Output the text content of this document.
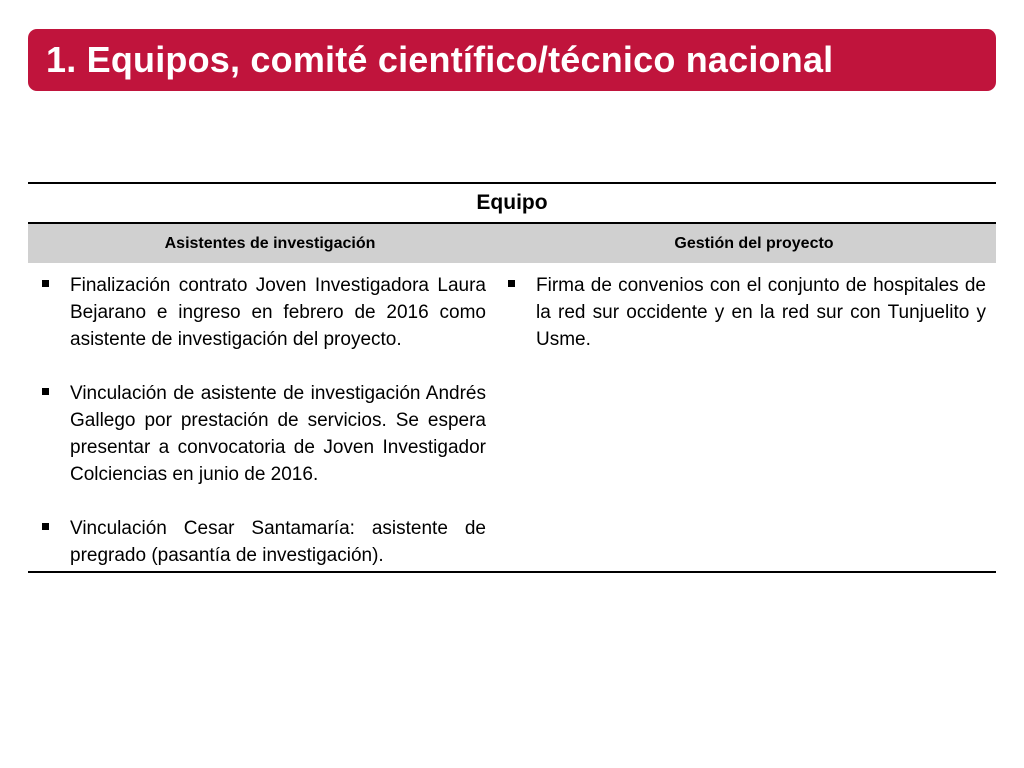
1. Equipos, comité científico/técnico nacional
Equipo
Asistentes de investigación	Gestión del proyecto
Finalización contrato Joven Investigadora Laura Bejarano e ingreso en febrero de 2016 como asistente de investigación del proyecto.
Vinculación de asistente de investigación Andrés Gallego por prestación de servicios. Se espera presentar a convocatoria de Joven Investigador Colciencias en junio de 2016.
Vinculación Cesar Santamaría: asistente de pregrado (pasantía de investigación).
Firma de convenios con el conjunto de hospitales de la red sur occidente y en la red sur con Tunjuelito y Usme.
